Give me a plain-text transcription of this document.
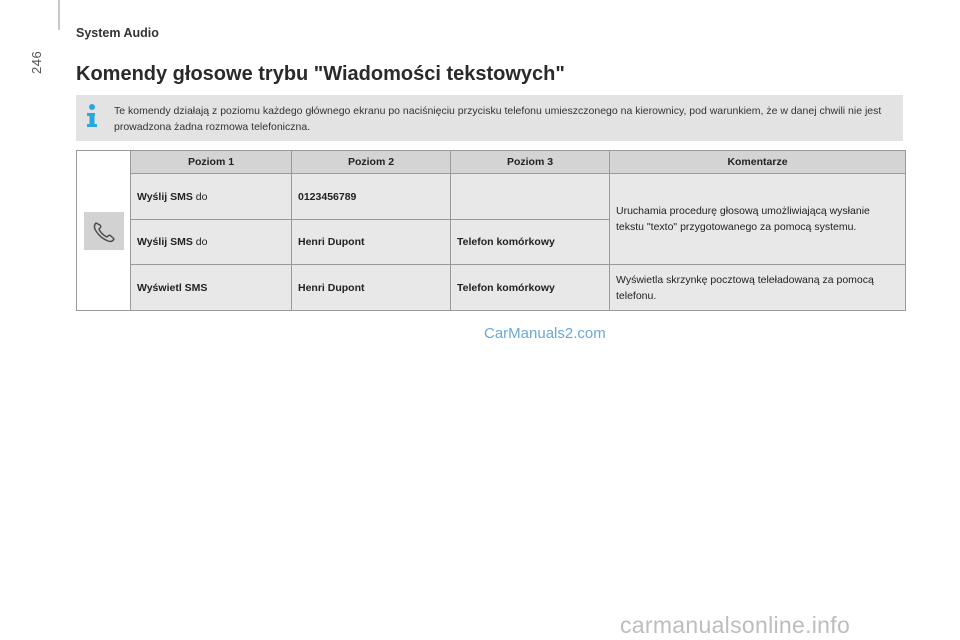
246
System Audio
Komendy głosowe trybu "Wiadomości tekstowych"
Te komendy działają z poziomu każdego głównego ekranu po naciśnięciu przycisku telefonu umieszczonego na kierownicy, pod warunkiem, że w danej chwili nie jest prowadzona żadna rozmowa telefoniczna.
	Poziom 1	Poziom 2	Poziom 3	Komentarze
	Wyślij SMS do	0123456789		Uruchamia procedurę głosową umożliwiającą wysłanie tekstu "texto" przygotowanego za pomocą systemu.
	Wyślij SMS do	Henri Dupont	Telefon komórkowy	
	Wyświetl SMS	Henri Dupont	Telefon komórkowy	Wyświetla skrzynkę pocztową teleładowaną za pomocą telefonu.
CarManuals2.com
carmanualsonline.info
